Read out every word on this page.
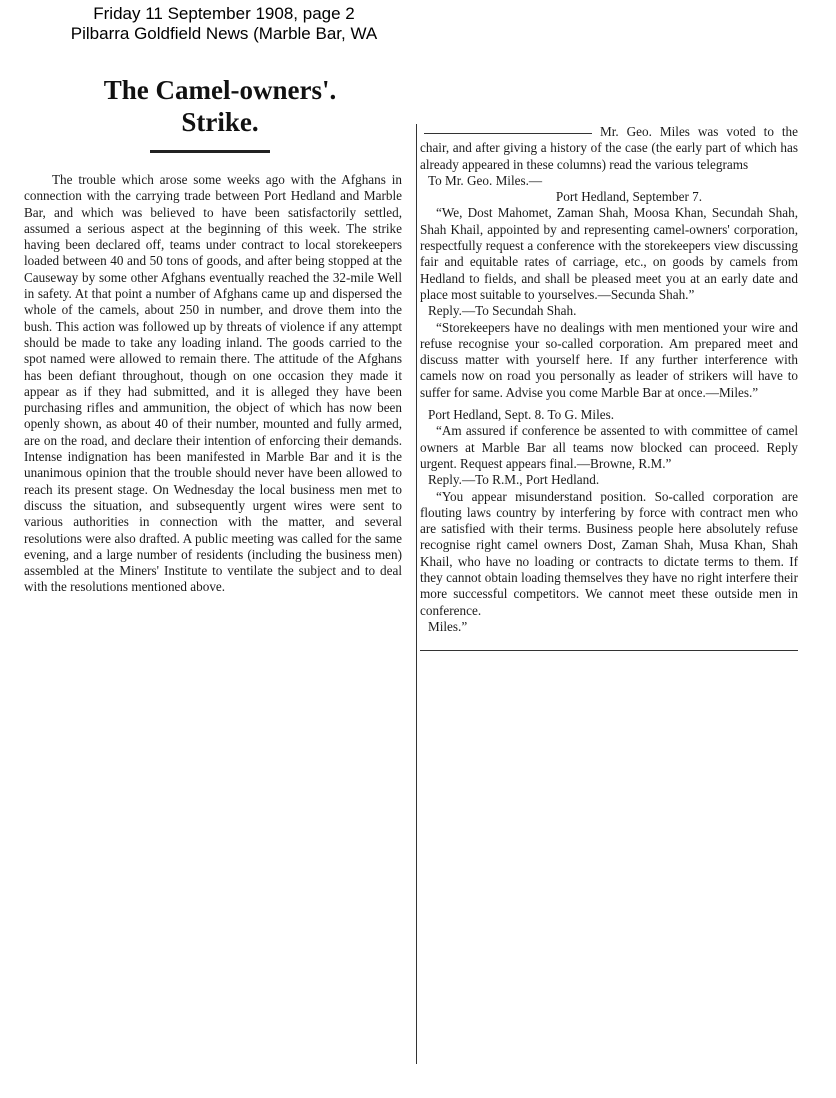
Friday 11 September 1908, page 2
Pilbarra Goldfield News (Marble Bar, WA
The Camel-owners'.
Strike.

The trouble which arose some weeks ago with the Afghans in connection with the carrying trade between Port Hedland and Marble Bar, and which was believed to have been satisfactorily settled, assumed a serious aspect at the beginning of this week. The strike having been declared off, teams under contract to local storekeepers loaded between 40 and 50 tons of goods, and after being stopped at the Causeway by some other Afghans eventually reached the 32-mile Well in safety. At that point a number of Afghans came up and dispersed the whole of the camels, about 250 in number, and drove them into the bush. This action was followed up by threats of violence if any attempt should be made to take any loading inland. The goods carried to the spot named were allowed to remain there. The attitude of the Afghans has been defiant throughout, though on one occasion they made it appear as if they had submitted, and it is alleged they have been purchasing rifles and ammunition, the object of which has now been openly shown, as about 40 of their number, mounted and fully armed, are on the road, and declare their intention of enforcing their demands. Intense indignation has been manifested in Marble Bar and it is the unanimous opinion that the trouble should never have been allowed to reach its present stage. On Wednesday the local business men met to discuss the situation, and subsequently urgent wires were sent to various authorities in connection with the matter, and several resolutions were also drafted. A public meeting was called for the same evening, and a large number of residents (including the business men) assembled at the Miners' Institute to ventilate the subject and to deal with the resolutions mentioned above.

Mr. Geo. Miles was voted to the chair, and after giving a history of the case (the early part of which has already appeared in these columns) read the various telegrams

To Mr. Geo. Miles.—

Port Hedland, September 7.

“We, Dost Mahomet, Zaman Shah, Moosa Khan, Secundah Shah, Shah Khail, appointed by and representing camel-owners' corporation, respectfully request a conference with the storekeepers view discussing fair and equitable rates of carriage, etc., on goods by camels from Hedland to fields, and shall be pleased meet you at an early date and place most suitable to yourselves.—Secunda Shah.”

Reply.—To Secundah Shah.

“Storekeepers have no dealings with men mentioned your wire and refuse recognise your so-called corporation. Am prepared meet and discuss matter with yourself here. If any further interference with camels now on road you personally as leader of strikers will have to suffer for same. Advise you come Marble Bar at once.—Miles.”

Port Hedland, Sept. 8. To G. Miles.

“Am assured if conference be assented to with committee of camel owners at Marble Bar all teams now blocked can proceed. Reply urgent. Request appears final.—Browne, R.M.”

Reply.—To R.M., Port Hedland.

“You appear misunderstand position. So-called corporation are flouting laws country by interfering by force with contract men who are satisfied with their terms. Business people here absolutely refuse recognise right camel owners Dost, Zaman Shah, Musa Khan, Shah Khail, who have no loading or contracts to dictate terms to them. If they cannot obtain loading themselves they have no right interfere their more successful competitors. We cannot meet these outside men in conference.

Miles.”
